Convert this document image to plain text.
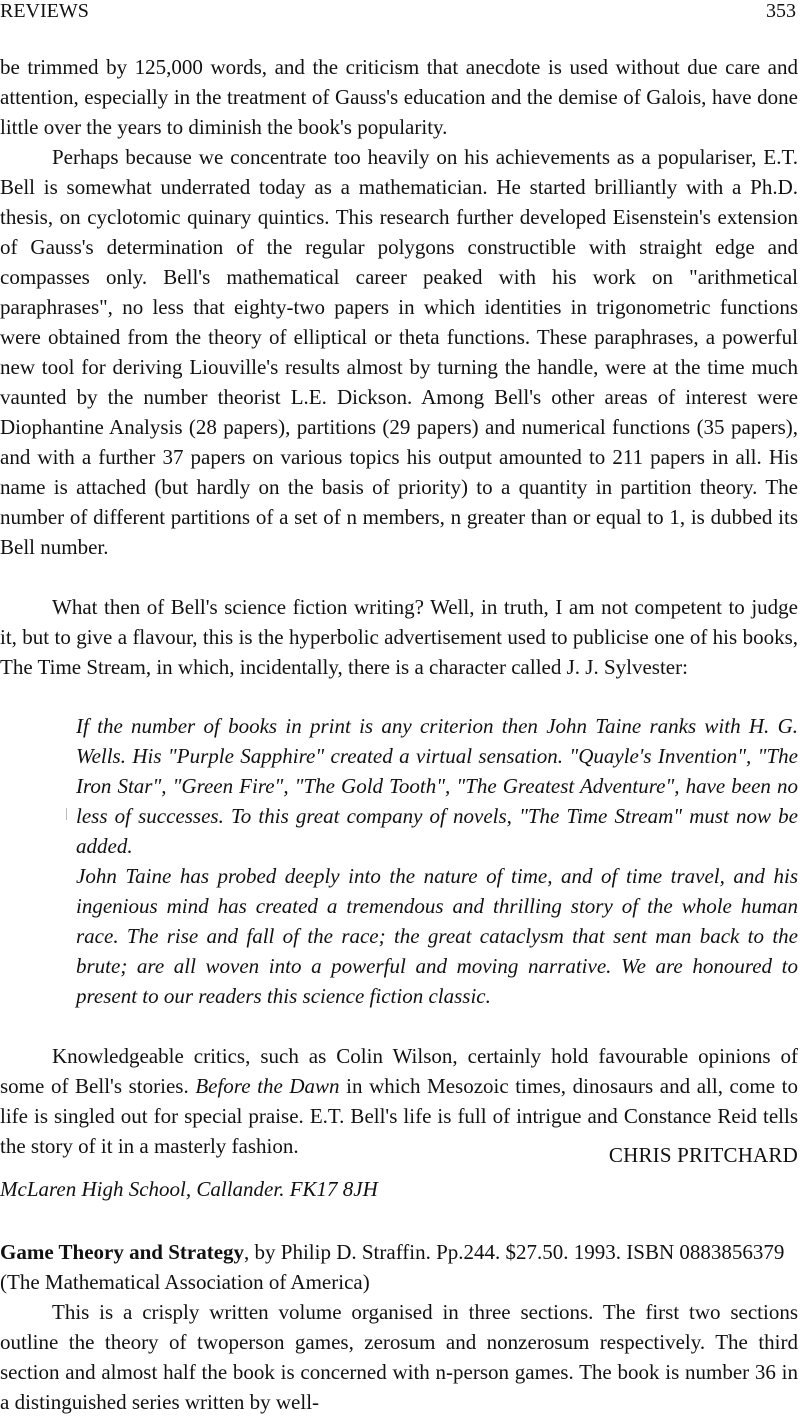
REVIEWS	353

be trimmed by 125,000 words, and the criticism that anecdote is used without due care and attention, especially in the treatment of Gauss's education and the demise of Galois, have done little over the years to diminish the book's popularity.

Perhaps because we concentrate too heavily on his achievements as a populariser, E.T. Bell is somewhat underrated today as a mathematician. He started brilliantly with a Ph.D. thesis, on cyclotomic quinary quintics. This research further developed Eisenstein's extension of Gauss's determination of the regular polygons constructible with straight edge and compasses only. Bell's mathematical career peaked with his work on "arithmetical paraphrases", no less that eighty-two papers in which identities in trigonometric functions were obtained from the theory of elliptical or theta functions. These paraphrases, a powerful new tool for deriving Liouville's results almost by turning the handle, were at the time much vaunted by the number theorist L.E. Dickson. Among Bell's other areas of interest were Diophantine Analysis (28 papers), partitions (29 papers) and numerical functions (35 papers), and with a further 37 papers on various topics his output amounted to 211 papers in all. His name is attached (but hardly on the basis of priority) to a quantity in partition theory. The number of different partitions of a set of n members, n greater than or equal to 1, is dubbed its Bell number.

What then of Bell's science fiction writing? Well, in truth, I am not competent to judge it, but to give a flavour, this is the hyperbolic advertisement used to publicise one of his books, The Time Stream, in which, incidentally, there is a character called J. J. Sylvester:

If the number of books in print is any criterion then John Taine ranks with H. G. Wells. His "Purple Sapphire" created a virtual sensation. "Quayle's Invention", "The Iron Star", "Green Fire", "The Gold Tooth", "The Greatest Adventure", have been no less of successes. To this great company of novels, "The Time Stream" must now be added.

John Taine has probed deeply into the nature of time, and of time travel, and his ingenious mind has created a tremendous and thrilling story of the whole human race. The rise and fall of the race; the great cataclysm that sent man back to the brute; are all woven into a powerful and moving narrative. We are honoured to present to our readers this science fiction classic.

Knowledgeable critics, such as Colin Wilson, certainly hold favourable opinions of some of Bell's stories. Before the Dawn in which Mesozoic times, dinosaurs and all, come to life is singled out for special praise. E.T. Bell's life is full of intrigue and Constance Reid tells the story of it in a masterly fashion.	CHRIS PRITCHARD
McLaren High School, Callander. FK17 8JH

Game Theory and Strategy, by Philip D. Straffin. Pp.244. $27.50. 1993. ISBN 0883856379 (The Mathematical Association of America)

This is a crisply written volume organised in three sections. The first two sections outline the theory of twoperson games, zerosum and nonzerosum respectively. The third section and almost half the book is concerned with n-person games. The book is number 36 in a distinguished series written by well-
